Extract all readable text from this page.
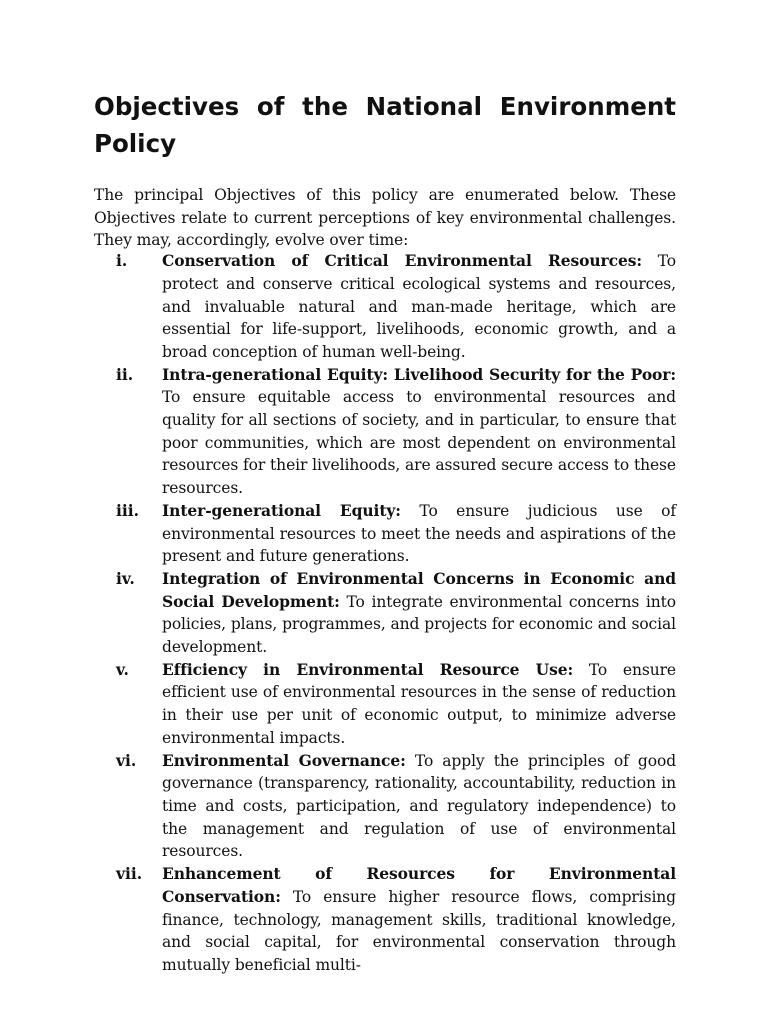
Objectives of the National Environment Policy

The principal Objectives of this policy are enumerated below. These Objectives relate to current perceptions of key environmental challenges. They may, accordingly, evolve over time:

i.	Conservation of Critical Environmental Resources: To protect and conserve critical ecological systems and resources, and invaluable natural and man-made heritage, which are essential for life-support, livelihoods, economic growth, and a broad conception of human well-being.
ii.	Intra-generational Equity: Livelihood Security for the Poor: To ensure equitable access to environmental resources and quality for all sections of society, and in particular, to ensure that poor communities, which are most dependent on environmental resources for their livelihoods, are assured secure access to these resources.
iii.	Inter-generational Equity: To ensure judicious use of environmental resources to meet the needs and aspirations of the present and future generations.
iv.	Integration of Environmental Concerns in Economic and Social Development: To integrate environmental concerns into policies, plans, programmes, and projects for economic and social development.
v.	Efficiency in Environmental Resource Use: To ensure efficient use of environmental resources in the sense of reduction in their use per unit of economic output, to minimize adverse environmental impacts.
vi.	Environmental Governance: To apply the principles of good governance (transparency, rationality, accountability, reduction in time and costs, participation, and regulatory independence) to the management and regulation of use of environmental resources.
vii.	Enhancement of Resources for Environmental Conservation: To ensure higher resource flows, comprising finance, technology, management skills, traditional knowledge, and social capital, for environmental conservation through mutually beneficial multi-
